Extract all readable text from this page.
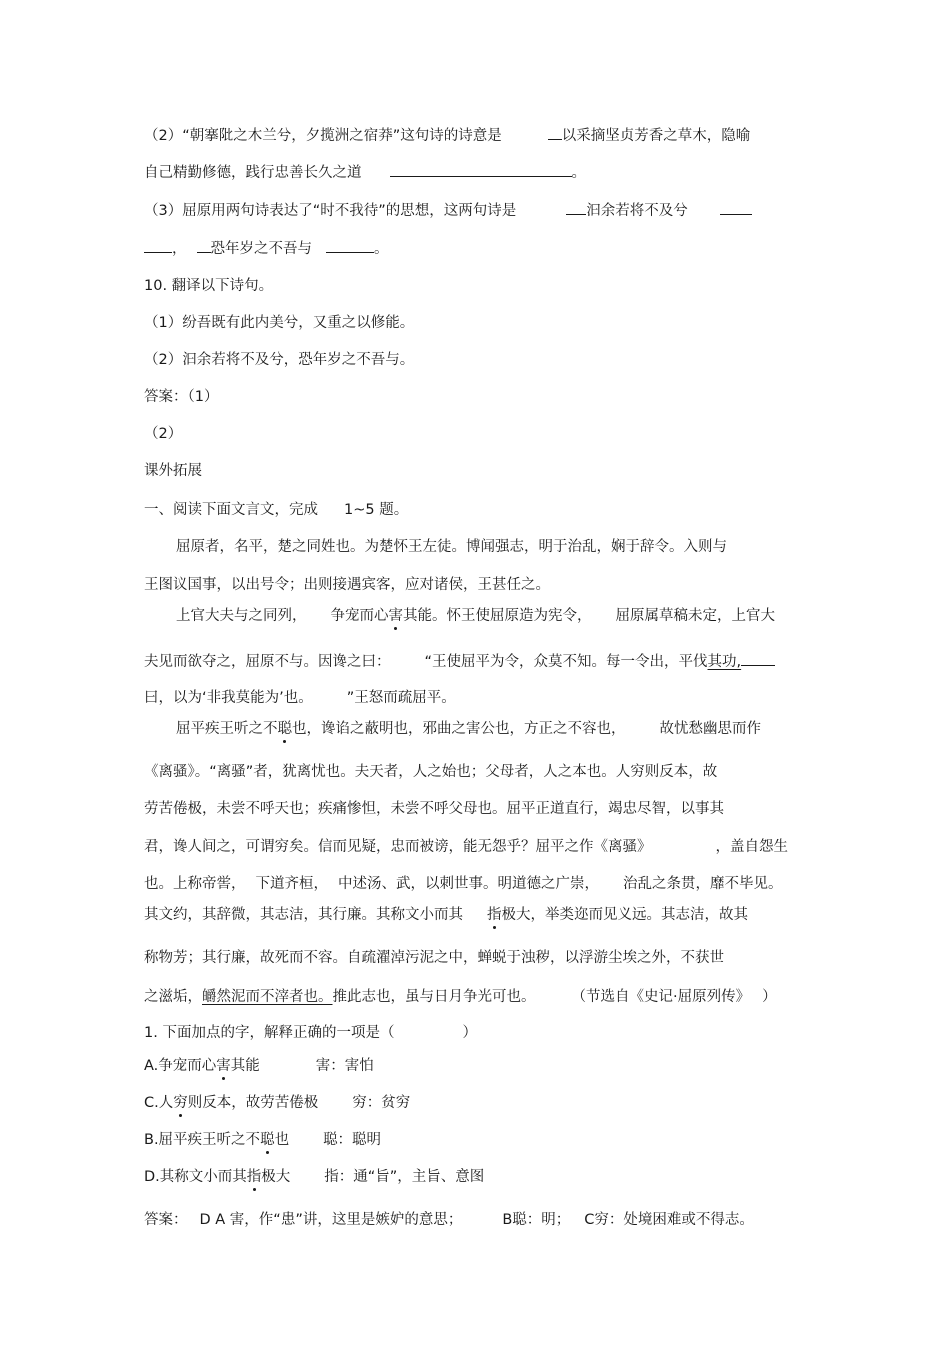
（2）“朝搴阰之木兰兮，夕揽洲之宿莽”这句诗的诗意是	以采摘坚贞芳香之草木，隐喻
自己精勤修德，践行忠善长久之道	。
（3）屈原用两句诗表达了“时不我待”的思想，这两句诗是	汩余若将不及兮
， 恐年岁之不吾与	。
10. 翻译以下诗句。
（1）纷吾既有此内美兮，又重之以修能。
（2）汩余若将不及兮，恐年岁之不吾与。
答案：（1）
（2）
课外拓展
一、阅读下面文言文，完成 1~5 题。
屈原者，名平，楚之同姓也。为楚怀王左徒。博闻强志，明于治乱，娴于辞令。入则与
王图议国事，以出号令；出则接遇宾客，应对诸侯，王甚任之。
上官大夫与之同列， 争宠而心害其能。怀王使屈原造为宪令， 屈原属草稿未定，上官大
夫见而欲夺之，屈原不与。因谗之曰： “王使屈平为令，众莫不知。每一令出，平伐其功,
曰，以为‘非我莫能为’也。 ”王怒而疏屈平。
屈平疾王听之不聪也，谗谄之蔽明也，邪曲之害公也，方正之不容也， 故忧愁幽思而作
《离骚》。“离骚”者，犹离忧也。夫天者，人之始也；父母者，人之本也。人穷则反本，故
劳苦倦极，未尝不呼天也；疾痛惨怛，未尝不呼父母也。屈平正道直行，竭忠尽智，以事其
君，谗人间之，可谓穷矣。信而见疑，忠而被谤，能无怨乎？屈平之作《离骚》	，盖自怨生
也。上称帝喾， 下道齐桓， 中述汤、武，以刺世事。明道德之广崇， 治乱之条贯，靡不毕见。
其文约，其辞微，其志洁，其行廉。其称文小而其 指极大，举类迩而见义远。其志洁，故其
称物芳；其行廉，故死而不容。自疏濯淖污泥之中，蝉蜕于浊秽，以浮游尘埃之外，不获世
之滋垢，皭然泥而不滓者也。推此志也，虽与日月争光可也。 （节选自《史记·屈原列传》 ）
1. 下面加点的字，解释正确的一项是（	）
A.争宠而心害其能	害：害怕
C.人穷则反本，故劳苦倦极 穷：贫穷
B.屈平疾王听之不聪也 聪：聪明
D.其称文小而其指极大 指：通“旨”，主旨、意图
答案： D A 害，作“患”讲，这里是嫉妒的意思；	B聪：明； C穷：处境困难或不得志。
